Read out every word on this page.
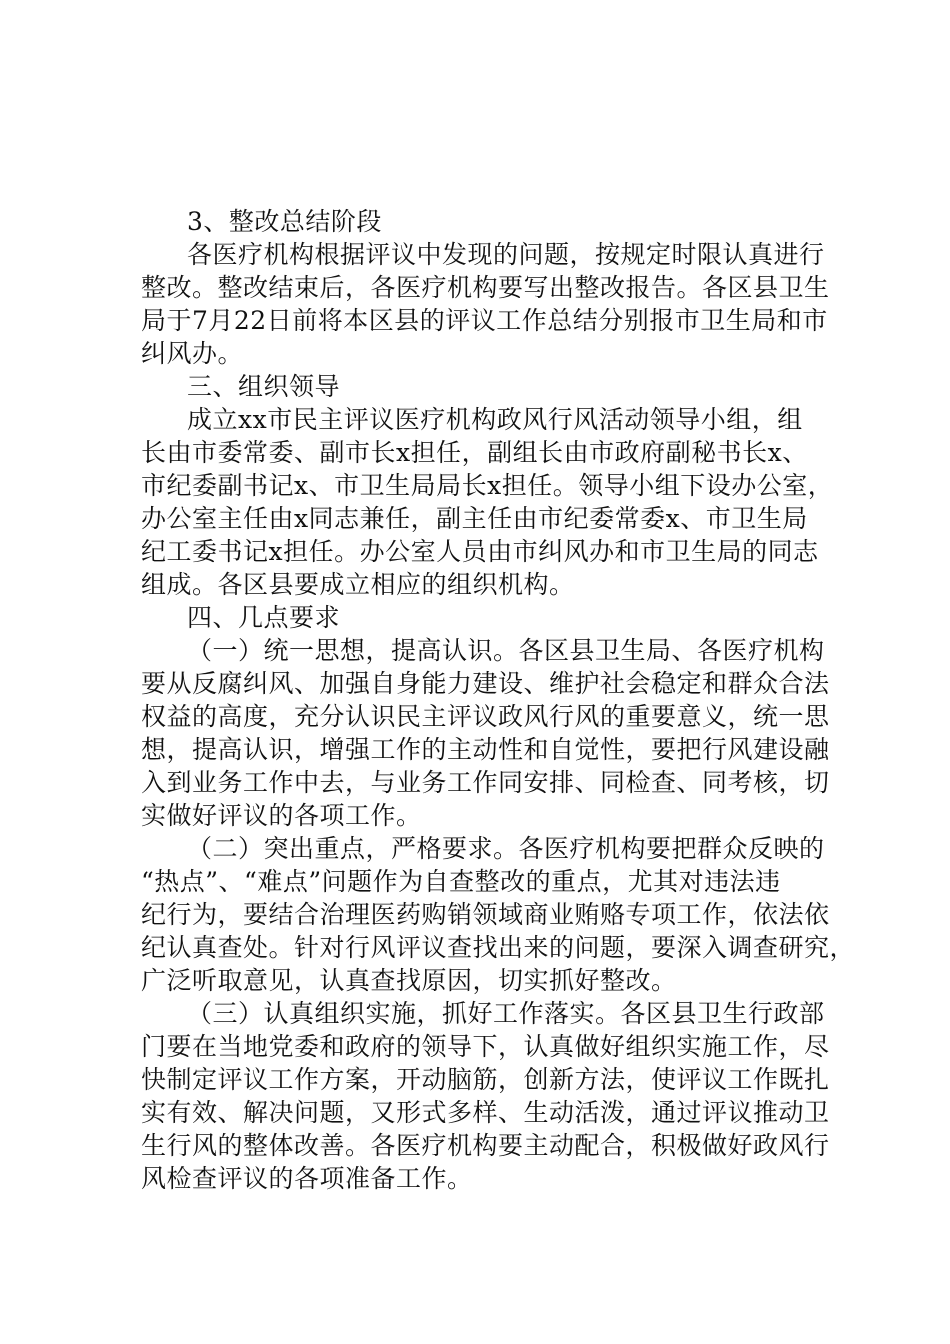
3、整改总结阶段
各医疗机构根据评议中发现的问题，按规定时限认真进行
整改。整改结束后，各医疗机构要写出整改报告。各区县卫生
局于7月22日前将本区县的评议工作总结分别报市卫生局和市
纠风办。
三、组织领导
成立xx市民主评议医疗机构政风行风活动领导小组，组
长由市委常委、副市长x担任，副组长由市政府副秘书长x、
市纪委副书记x、市卫生局局长x担任。领导小组下设办公室，
办公室主任由x同志兼任，副主任由市纪委常委x、市卫生局
纪工委书记x担任。办公室人员由市纠风办和市卫生局的同志
组成。各区县要成立相应的组织机构。
四、几点要求
（一）统一思想，提高认识。各区县卫生局、各医疗机构
要从反腐纠风、加强自身能力建设、维护社会稳定和群众合法
权益的高度，充分认识民主评议政风行风的重要意义，统一思
想，提高认识，增强工作的主动性和自觉性，要把行风建设融
入到业务工作中去，与业务工作同安排、同检查、同考核，切
实做好评议的各项工作。
（二）突出重点，严格要求。各医疗机构要把群众反映的
“热点”、“难点”问题作为自查整改的重点，尤其对违法违
纪行为，要结合治理医药购销领域商业贿赂专项工作，依法依
纪认真查处。针对行风评议查找出来的问题，要深入调查研究，
广泛听取意见，认真查找原因，切实抓好整改。
（三）认真组织实施，抓好工作落实。各区县卫生行政部
门要在当地党委和政府的领导下，认真做好组织实施工作，尽
快制定评议工作方案，开动脑筋，创新方法，使评议工作既扎
实有效、解决问题，又形式多样、生动活泼，通过评议推动卫
生行风的整体改善。各医疗机构要主动配合，积极做好政风行
风检查评议的各项准备工作。
